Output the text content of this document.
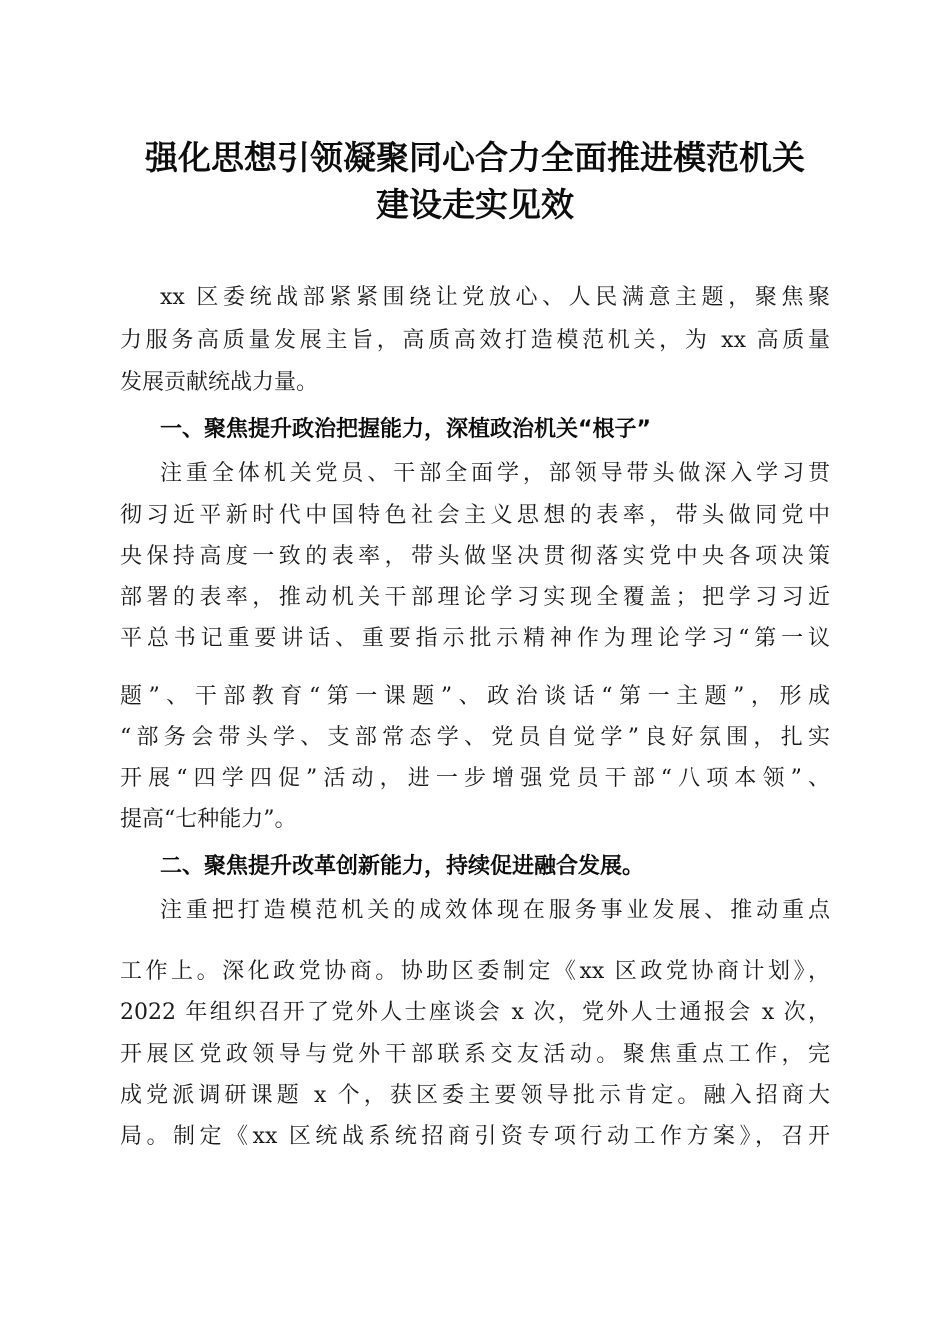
强化思想引领凝聚同心合力全面推进模范机关
建设走实见效
xx 区委统战部紧紧围绕让党放心、人民满意主题，聚焦聚
力服务高质量发展主旨，高质高效打造模范机关，为 xx 高质量
发展贡献统战力量。
一、聚焦提升政治把握能力，深植政治机关“根子”
注重全体机关党员、干部全面学，部领导带头做深入学习贯
彻习近平新时代中国特色社会主义思想的表率，带头做同党中
央保持高度一致的表率，带头做坚决贯彻落实党中央各项决策
部署的表率，推动机关干部理论学习实现全覆盖；把学习习近
平总书记重要讲话、重要指示批示精神作为理论学习“第一议
题”、干部教育“第一课题”、政治谈话“第一主题”，形成
“部务会带头学、支部常态学、党员自觉学”良好氛围，扎实
开展“四学四促”活动，进一步增强党员干部“八项本领”、
提高“七种能力”。
二、聚焦提升改革创新能力，持续促进融合发展。
注重把打造模范机关的成效体现在服务事业发展、推动重点
工作上。深化政党协商。协助区委制定《xx 区政党协商计划》，
2022 年组织召开了党外人士座谈会 x 次，党外人士通报会 x 次，
开展区党政领导与党外干部联系交友活动。聚焦重点工作，完
成党派调研课题 x 个，获区委主要领导批示肯定。融入招商大
局。制定《xx 区统战系统招商引资专项行动工作方案》，召开
